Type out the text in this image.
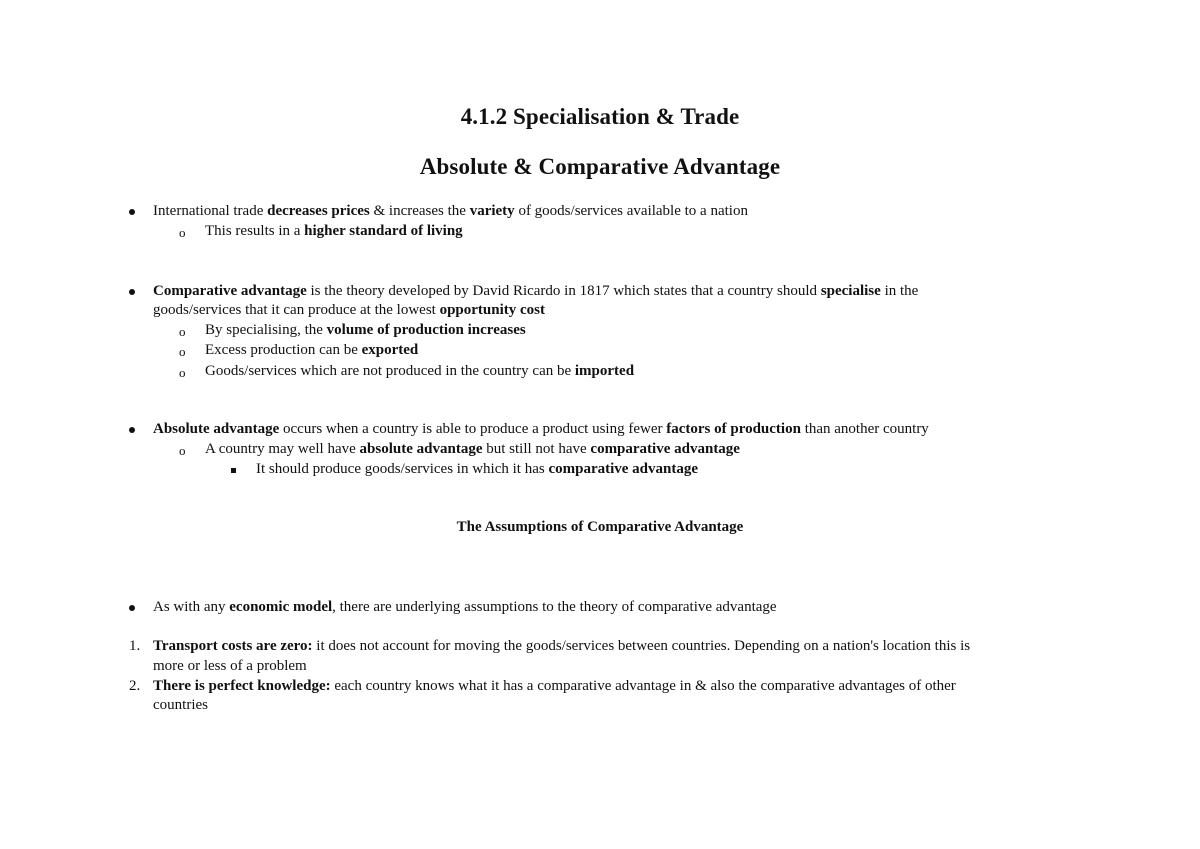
4.1.2 Specialisation & Trade
Absolute & Comparative Advantage
International trade decreases prices & increases the variety of goods/services available to a nation
o This results in a higher standard of living
Comparative advantage is the theory developed by David Ricardo in 1817 which states that a country should specialise in the
goods/services that it can produce at the lowest opportunity cost
o By specialising, the volume of production increases
o Excess production can be exported
o Goods/services which are not produced in the country can be imported
Absolute advantage occurs when a country is able to produce a product using fewer factors of production than another country
o A country may well have absolute advantage but still not have comparative advantage
It should produce goods/services in which it has comparative advantage
The Assumptions of Comparative Advantage
As with any economic model, there are underlying assumptions to the theory of comparative advantage
1. Transport costs are zero: it does not account for moving the goods/services between countries. Depending on a nation's location this is
more or less of a problem
2. There is perfect knowledge: each country knows what it has a comparative advantage in & also the comparative advantages of other
countries
